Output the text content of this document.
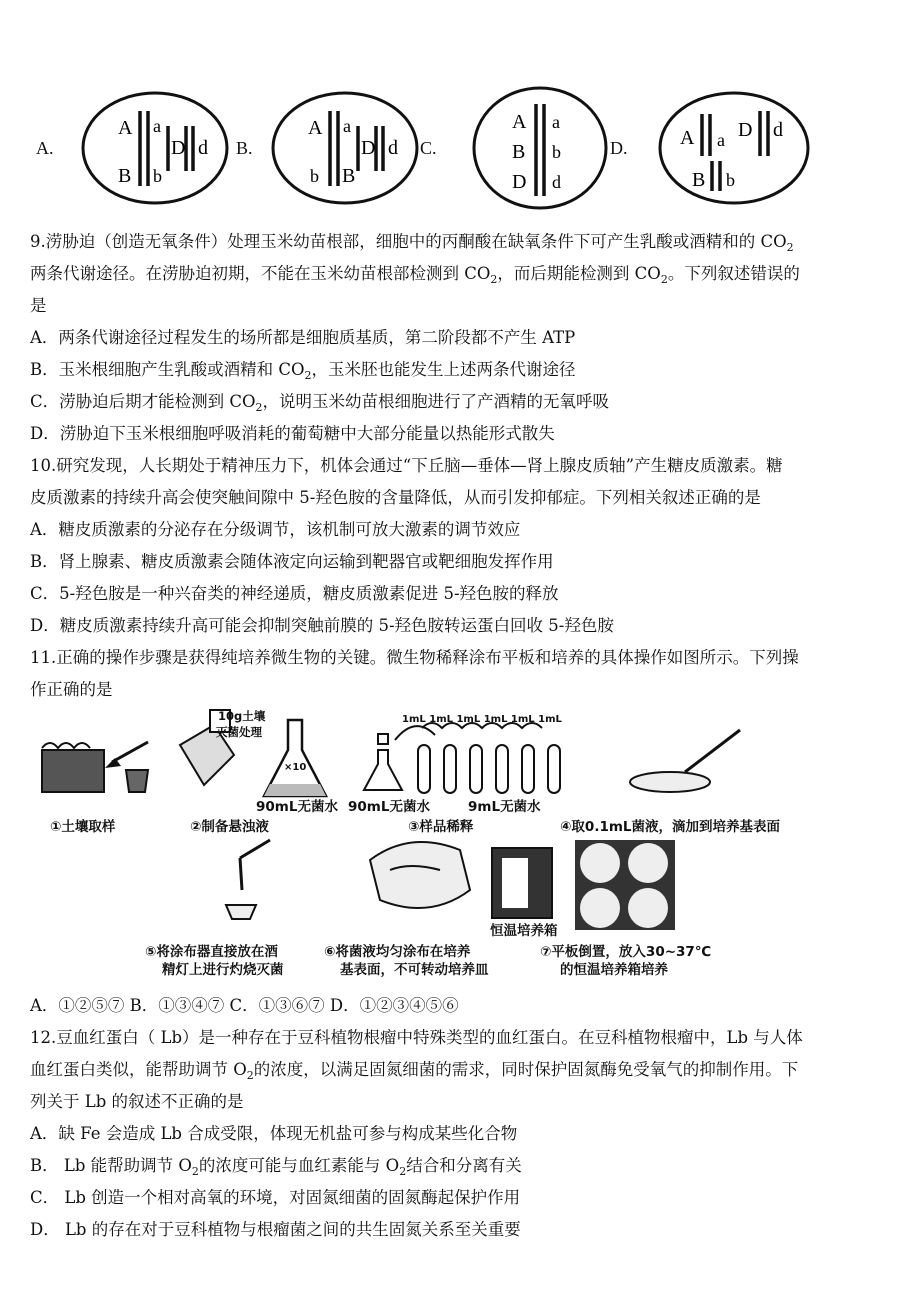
A.
A
B
a
D
b
d B.
A
b
a
D
B
d C.
A
B
D
a
b
d
D.	A a D d
B b
9.涝胁迫（创造无氧条件）处理玉米幼苗根部，细胞中的丙酮酸在缺氧条件下可产生乳酸或酒精和的 $CO_2$
两条代谢途径。在涝胁迫初期，不能在玉米幼苗根部检测到 $CO_2$，而后期能检测到 $CO_2$。下列叙述错误的
是
A．两条代谢途径过程发生的场所都是细胞质基质，第二阶段都不产生 ATP
B．玉米根细胞产生乳酸或酒精和 $CO_2$，玉米胚也能发生上述两条代谢途径
C．涝胁迫后期才能检测到 $CO_2$，说明玉米幼苗根细胞进行了产酒精的无氧呼吸
D．涝胁迫下玉米根细胞呼吸消耗的葡萄糖中大部分能量以热能形式散失
10.研究发现，人长期处于精神压力下，机体会通过“下丘脑—垂体—肾上腺皮质轴”产生糖皮质激素。糖
皮质激素的持续升高会使突触间隙中 5-羟色胺的含量降低，从而引发抑郁症。下列相关叙述正确的是
A．糖皮质激素的分泌存在分级调节，该机制可放大激素的调节效应
B．肾上腺素、糖皮质激素会随体液定向运输到靶器官或靶细胞发挥作用
C．5-羟色胺是一种兴奋类的神经递质，糖皮质激素促进 5-羟色胺的释放
D．糖皮质激素持续升高可能会抑制突触前膜的 5-羟色胺转运蛋白回收 5-羟色胺
11.正确的操作步骤是获得纯培养微生物的关键。微生物稀释涂布平板和培养的具体操作如图所示。下列操
作正确的是
10g土壤
灭菌处理
×10
1mL 1mL 1mL 1mL 1mL 1mL
90mL无菌水 90mL无菌水	9mL无菌水
①土壤取样	②制备悬浊液	③样品稀释	④取0.1mL菌液，滴加到培养基表面
⑤将涂布器直接放在酒
精灯上进行灼烧灭菌
⑥将菌液均匀涂布在培养
基表面，不可转动培养皿
恒温培养箱
⑦平板倒置，放入30~37℃
的恒温培养箱培养
A．①②⑤⑦ B．①③④⑦ C．①③⑥⑦ D．①②③④⑤⑥
12.豆血红蛋白（ Lb）是一种存在于豆科植物根瘤中特殊类型的血红蛋白。在豆科植物根瘤中，Lb 与人体
血红蛋白类似，能帮助调节 $O_2$的浓度，以满足固氮细菌的需求，同时保护固氮酶免受氧气的抑制作用。下
列关于 Lb 的叙述不正确的是
A．缺 Fe 会造成 Lb 合成受限，体现无机盐可参与构成某些化合物
B． Lb 能帮助调节 $O_2$的浓度可能与血红素能与 $O_2$结合和分离有关
C． Lb 创造一个相对高氧的环境，对固氮细菌的固氮酶起保护作用
D． Lb 的存在对于豆科植物与根瘤菌之间的共生固氮关系至关重要
